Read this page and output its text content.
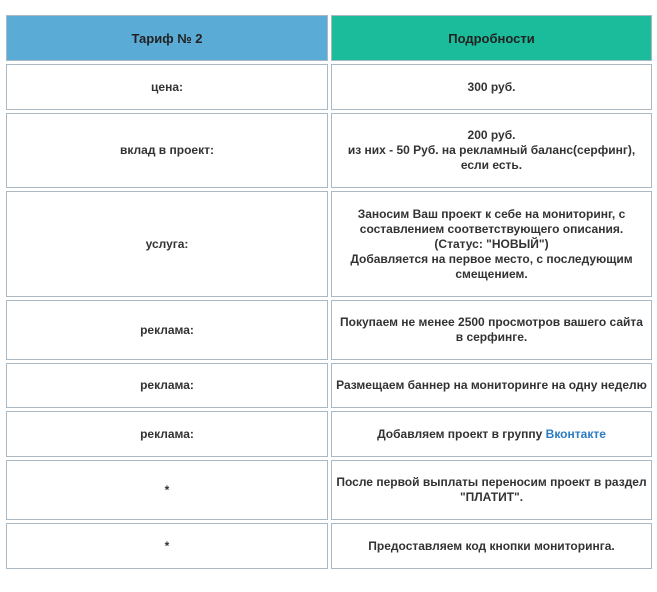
Тариф № 2	Подробности
цена:	300 руб.

вклад в проект:	200 руб.
из них - 50 Руб. на рекламный баланс(серфинг), если есть.

услуга:	Заносим Ваш проект к себе на мониторинг, с составлением соответствующего описания.(Статус: "НОВЫЙ")
Добавляется на первое место, с последующим смещением.

реклама:	Покупаем не менее 2500 просмотров вашего сайта в серфинге.

реклама:	Размещаем баннер на мониторинге на одну неделю

реклама:	Добавляем проект в группу Вконтакте
*	После первой выплаты переносим проект в раздел "ПЛАТИТ".

*	Предоставляем код кнопки мониторинга.
